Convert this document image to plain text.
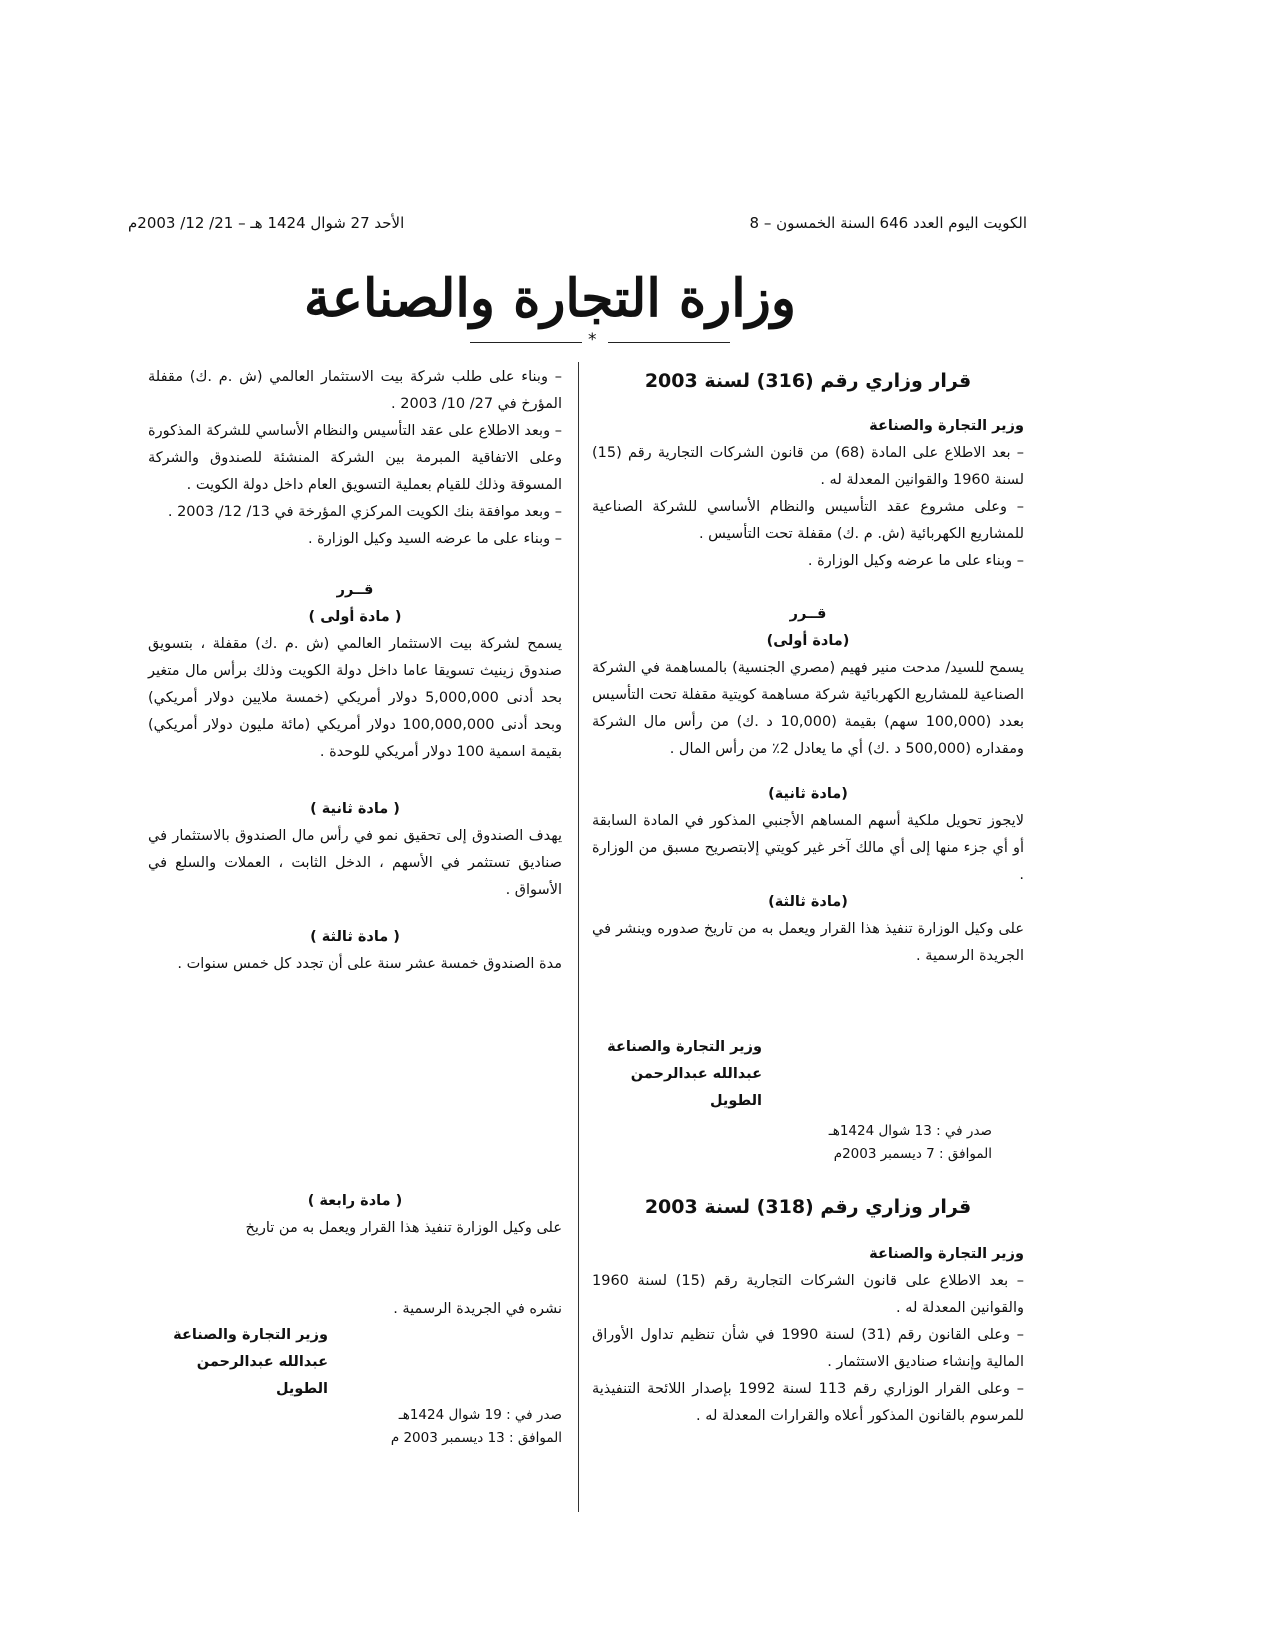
الكويت اليوم العدد 646 السنة الخمسون – 8
الأحد 27 شوال 1424 هـ – 21/ 12/ 2003م
وزارة التجارة والصناعة
*

قرار وزاري رقم (316) لسنة 2003

وزير التجارة والصناعة

– بعد الاطلاع على المادة (68) من قانون الشركات التجارية رقم (15) لسنة 1960 والقوانين المعدلة له .

– وعلى مشروع عقد التأسيس والنظام الأساسي للشركة الصناعية للمشاريع الكهربائية (ش. م .ك) مقفلة تحت التأسيس .

– وبناء على ما عرضه وكيل الوزارة .

قــرر

(مادة أولى)

يسمح للسيد/ مدحت منير فهيم (مصري الجنسية) بالمساهمة في الشركة الصناعية للمشاريع الكهربائية شركة مساهمة كويتية مقفلة تحت التأسيس بعدد (100,000 سهم) بقيمة (10,000 د .ك) من رأس مال الشركة ومقداره (500,000 د .ك) أي ما يعادل 2٪ من رأس المال .

(مادة ثانية)

لايجوز تحويل ملكية أسهم المساهم الأجنبي المذكور في المادة السابقة أو أي جزء منها إلى أي مالك آخر غير كويتي إلابتصريح مسبق من الوزارة .

(مادة ثالثة)

على وكيل الوزارة تنفيذ هذا القرار ويعمل به من تاريخ صدوره وينشر في الجريدة الرسمية .

وزير التجارة والصناعة
عبدالله عبدالرحمن الطويل
صدر في : 13 شوال 1424هـ
الموافق : 7 ديسمبر 2003م

قرار وزاري رقم (318) لسنة 2003

وزير التجارة والصناعة

– بعد الاطلاع على قانون الشركات التجارية رقم (15) لسنة 1960 والقوانين المعدلة له .

– وعلى القانون رقم (31) لسنة 1990 في شأن تنظيم تداول الأوراق المالية وإنشاء صناديق الاستثمار .

– وعلى القرار الوزاري رقم 113 لسنة 1992 بإصدار اللائحة التنفيذية للمرسوم بالقانون المذكور أعلاه والقرارات المعدلة له .

– وبناء على طلب شركة بيت الاستثمار العالمي (ش .م .ك) مقفلة المؤرخ في 27/ 10/ 2003 .

– وبعد الاطلاع على عقد التأسيس والنظام الأساسي للشركة المذكورة وعلى الاتفاقية المبرمة بين الشركة المنشئة للصندوق والشركة المسوقة وذلك للقيام بعملية التسويق العام داخل دولة الكويت .

– وبعد موافقة بنك الكويت المركزي المؤرخة في 13/ 12/ 2003 .

– وبناء على ما عرضه السيد وكيل الوزارة .

قــرر

( مادة أولى )

يسمح لشركة بيت الاستثمار العالمي (ش .م .ك) مقفلة ، بتسويق صندوق زينيث تسويقا عاما داخل دولة الكويت وذلك برأس مال متغير بحد أدنى 5,000,000 دولار أمريكي (خمسة ملايين دولار أمريكي) وبحد أدنى 100,000,000 دولار أمريكي (مائة مليون دولار أمريكي) بقيمة اسمية 100 دولار أمريكي للوحدة .

( مادة ثانية )

يهدف الصندوق إلى تحقيق نمو في رأس مال الصندوق بالاستثمار في صناديق تستثمر في الأسهم ، الدخل الثابت ، العملات والسلع في الأسواق .

( مادة ثالثة )

مدة الصندوق خمسة عشر سنة على أن تجدد كل خمس سنوات .

( مادة رابعة )

على وكيل الوزارة تنفيذ هذا القرار ويعمل به من تاريخ

نشره في الجريدة الرسمية .

وزير التجارة والصناعة
عبدالله عبدالرحمن الطويل
صدر في : 19 شوال 1424هـ
الموافق : 13 ديسمبر 2003 م
